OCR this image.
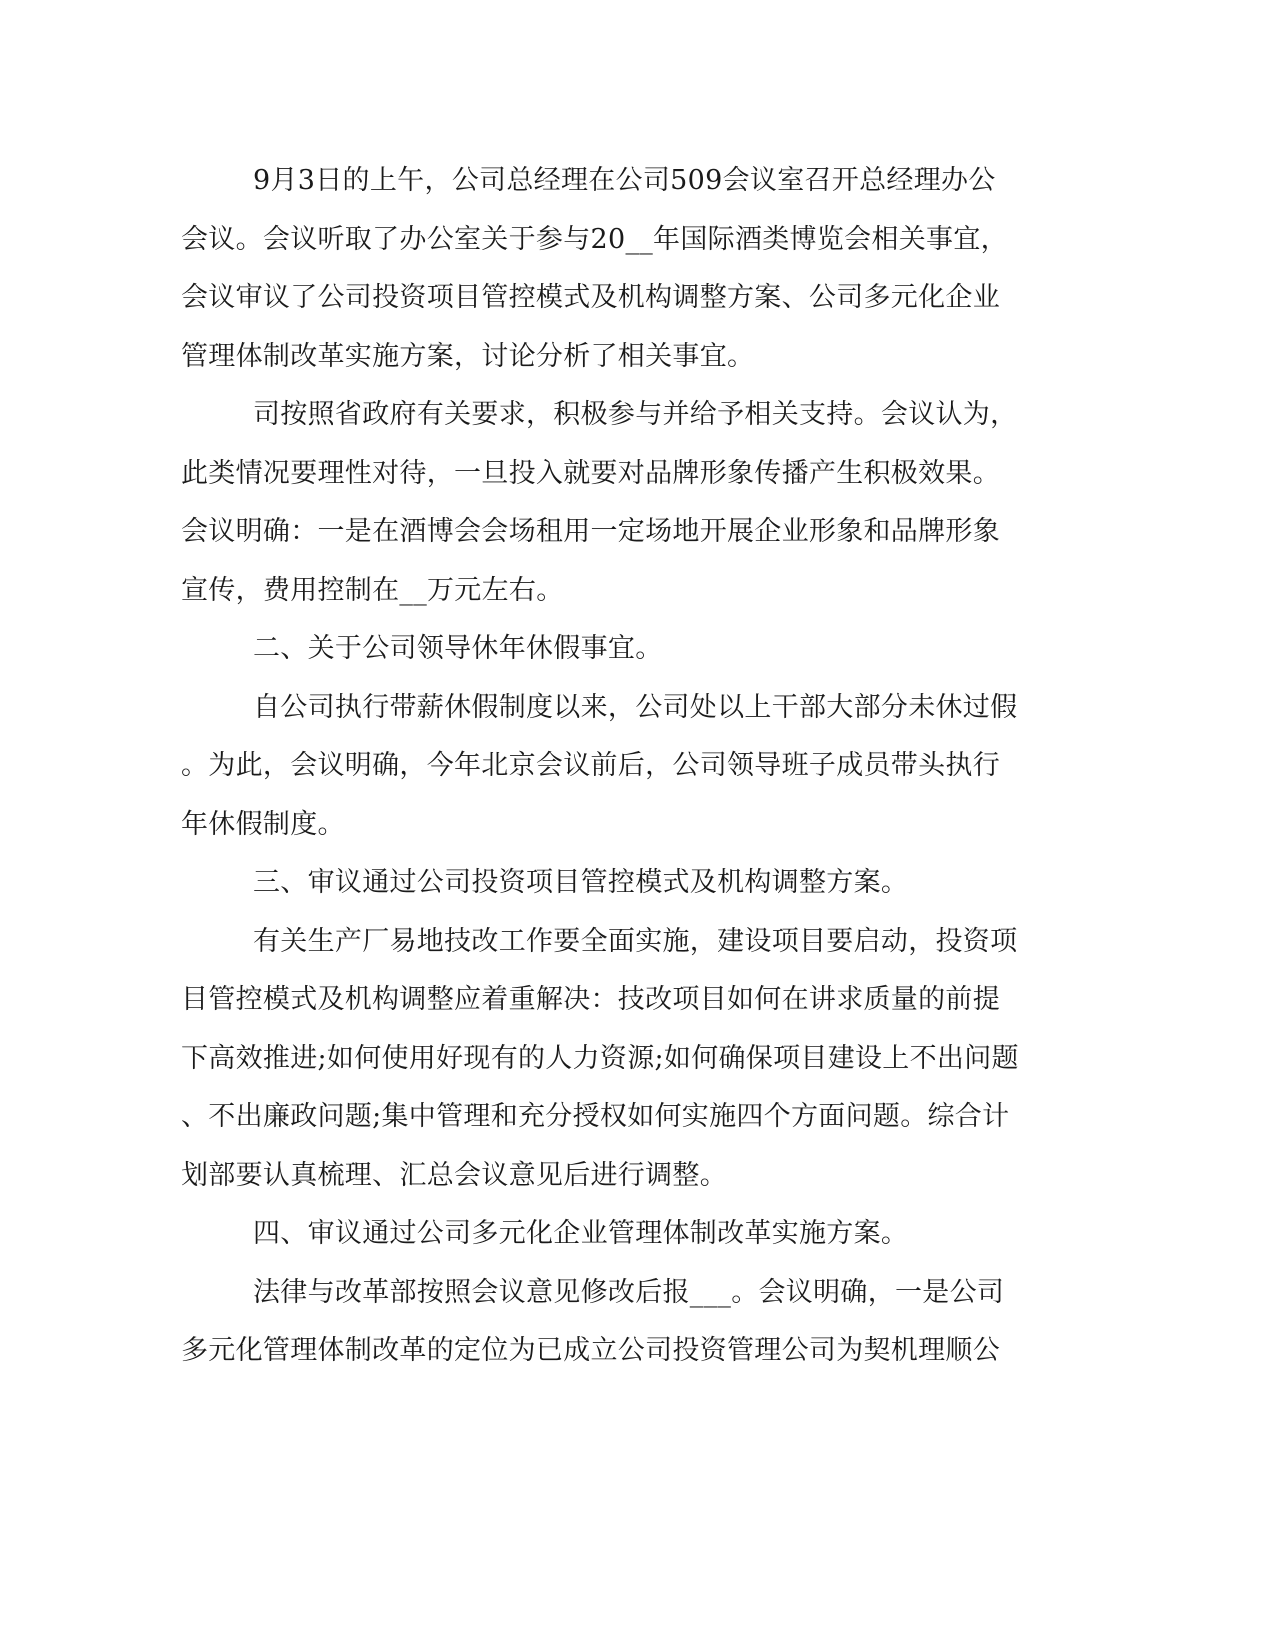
9月3日的上午，公司总经理在公司509会议室召开总经理办公
会议。会议听取了办公室关于参与20__年国际酒类博览会相关事宜，
会议审议了公司投资项目管控模式及机构调整方案、公司多元化企业
管理体制改革实施方案，讨论分析了相关事宜。
司按照省政府有关要求，积极参与并给予相关支持。会议认为，
此类情况要理性对待，一旦投入就要对品牌形象传播产生积极效果。
会议明确：一是在酒博会会场租用一定场地开展企业形象和品牌形象
宣传，费用控制在__万元左右。
二、关于公司领导休年休假事宜。
自公司执行带薪休假制度以来，公司处以上干部大部分未休过假
。为此，会议明确，今年北京会议前后，公司领导班子成员带头执行
年休假制度。
三、审议通过公司投资项目管控模式及机构调整方案。
有关生产厂易地技改工作要全面实施，建设项目要启动，投资项
目管控模式及机构调整应着重解决：技改项目如何在讲求质量的前提
下高效推进;如何使用好现有的人力资源;如何确保项目建设上不出问题
、不出廉政问题;集中管理和充分授权如何实施四个方面问题。综合计
划部要认真梳理、汇总会议意见后进行调整。
四、审议通过公司多元化企业管理体制改革实施方案。
法律与改革部按照会议意见修改后报___。会议明确，一是公司
多元化管理体制改革的定位为已成立公司投资管理公司为契机理顺公
